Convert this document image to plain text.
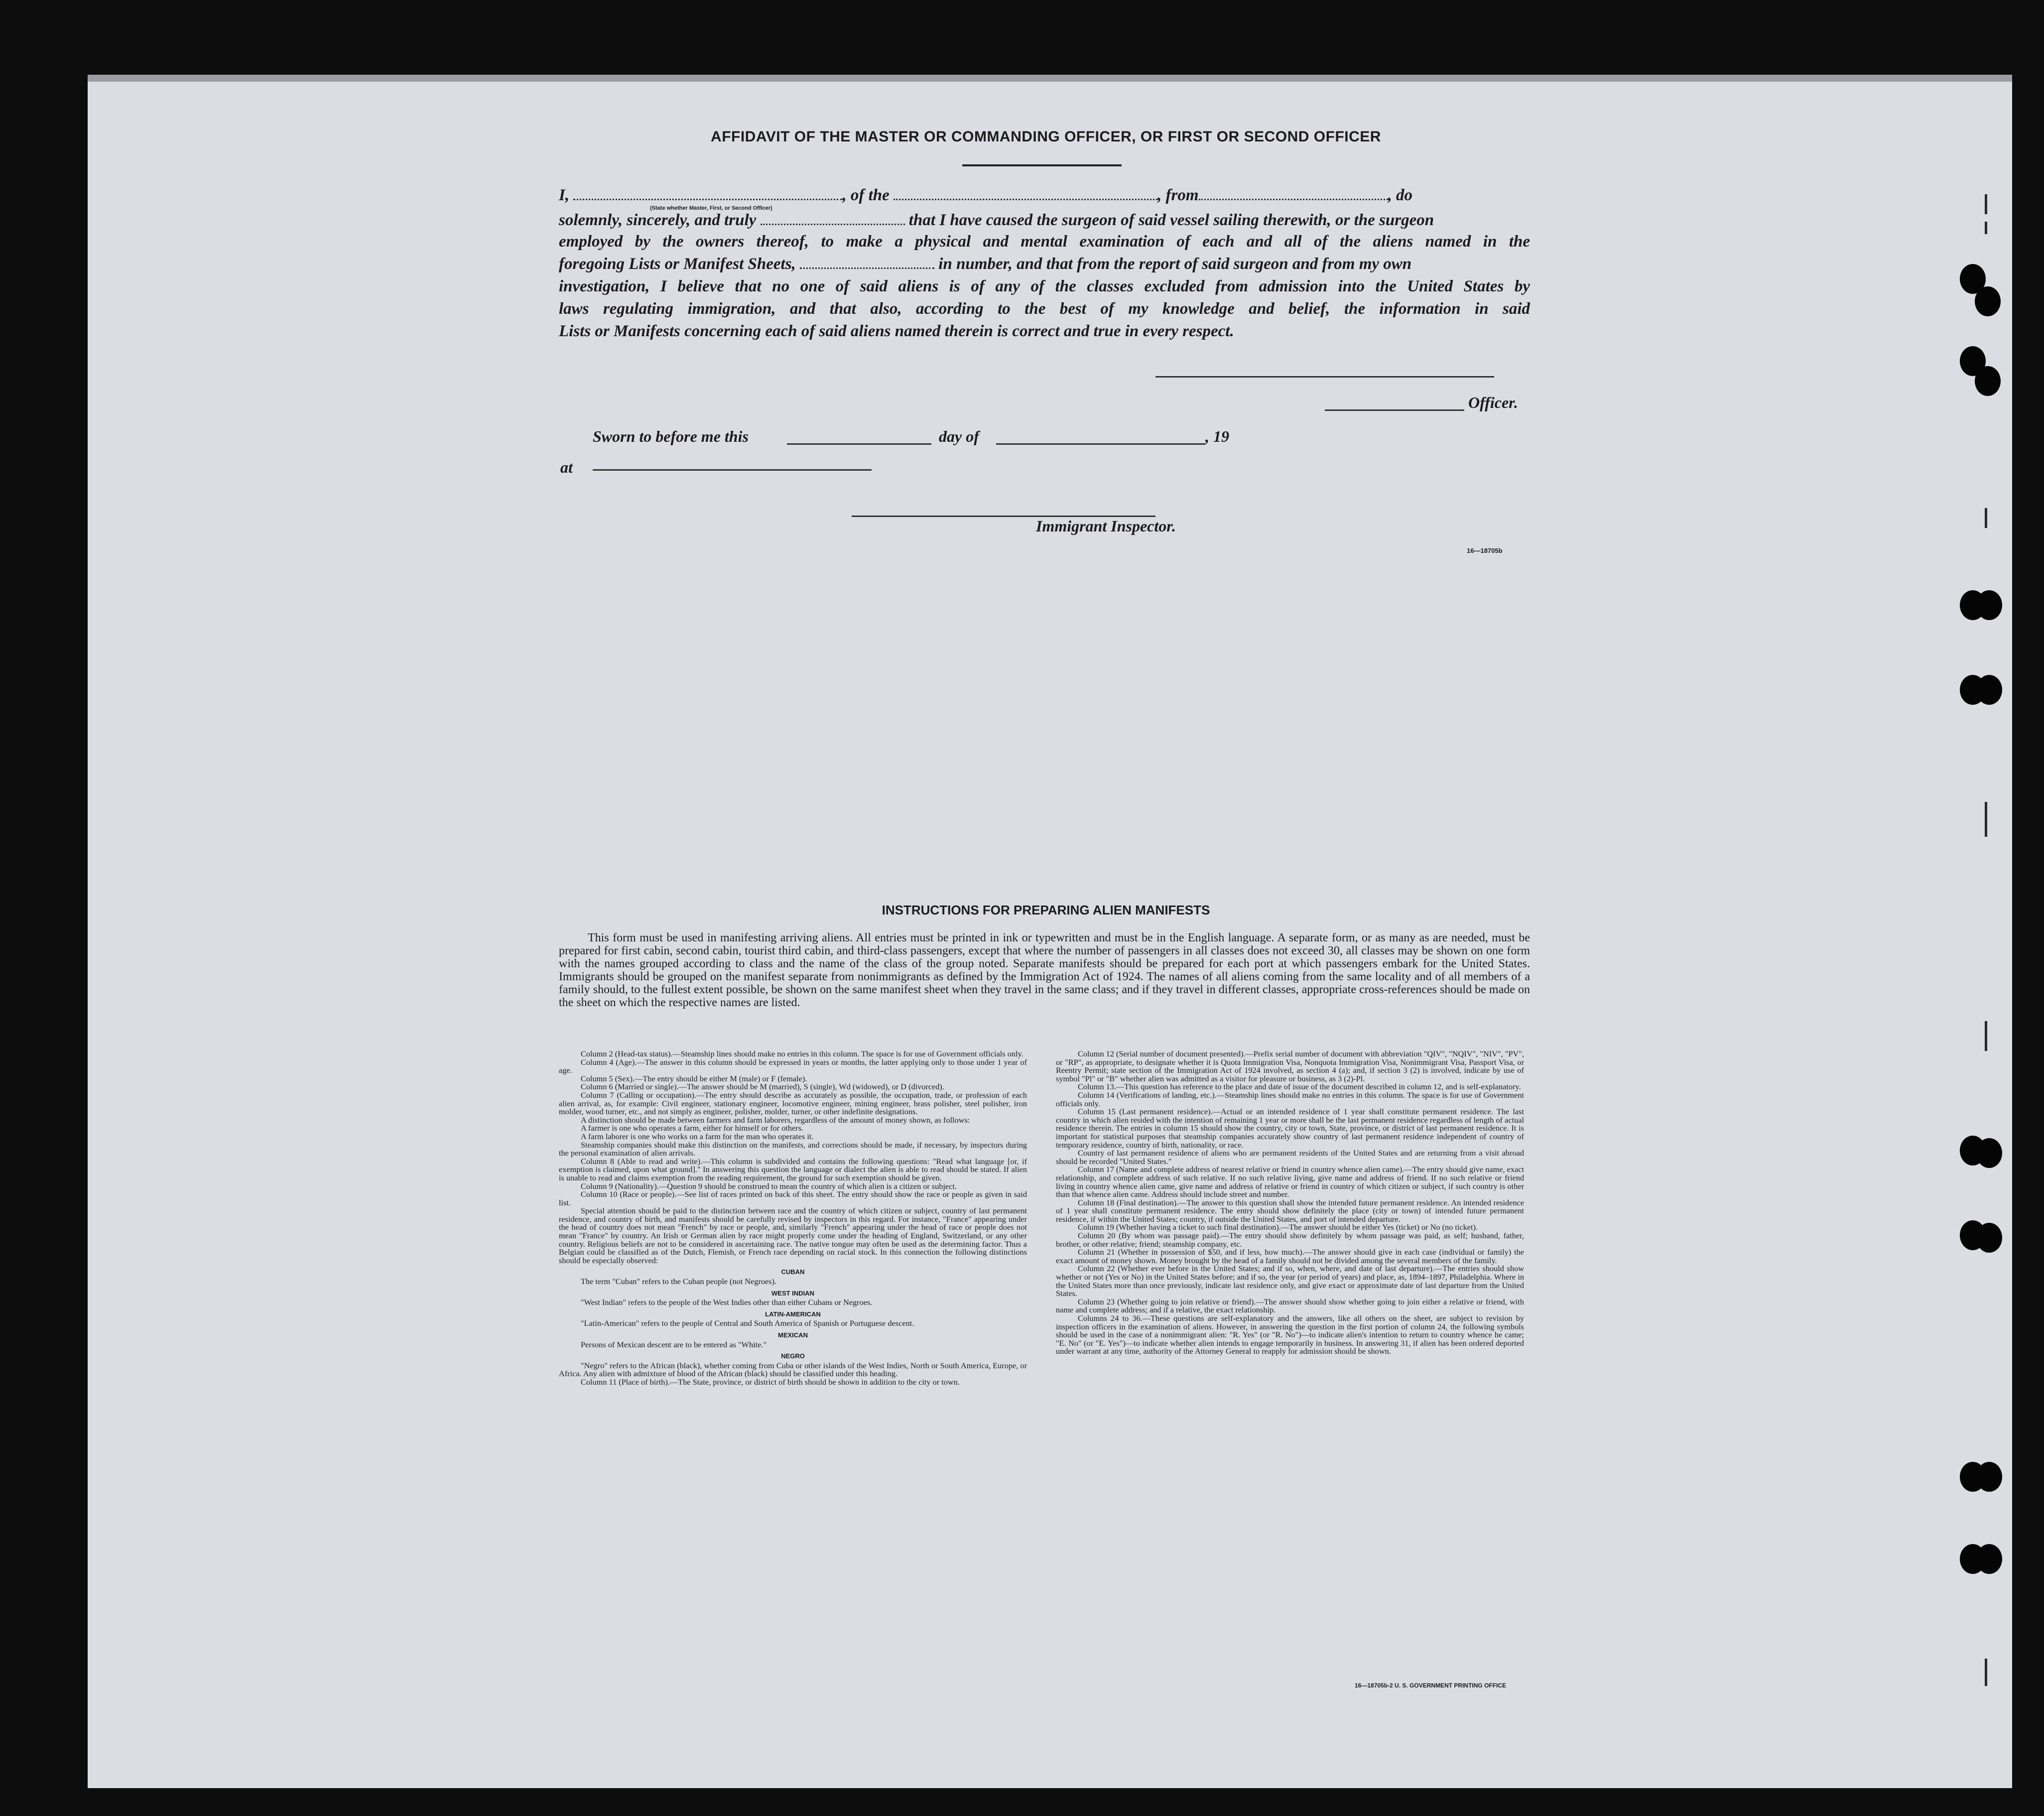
AFFIDAVIT OF THE MASTER OR COMMANDING OFFICER, OR FIRST OR SECOND OFFICER
I,	, of the	, from	, do
(State whether Master, First, or Second Officer)
solemnly, sincerely, and truly	that I have caused the surgeon of said vessel sailing therewith, or the surgeon
employed by the owners thereof, to make a physical and mental examination of each and all of the aliens named in the
foregoing Lists or Manifest Sheets,	in number, and that from the report of said surgeon and from my own
investigation, I believe that no one of said aliens is of any of the classes excluded from admission into the United States by
laws regulating immigration, and that also, according to the best of my knowledge and belief, the information in said
Lists or Manifests concerning each of said aliens named therein is correct and true in every respect.
Officer.
Sworn to before me this	day of	, 19
at
Immigrant Inspector.
16—18705b
INSTRUCTIONS FOR PREPARING ALIEN MANIFESTS

This form must be used in manifesting arriving aliens. All entries must be printed in ink or typewritten and must be in the English language. A separate form, or as many as are needed, must be prepared for first cabin, second cabin, tourist third cabin, and third-class passengers, except that where the number of passengers in all classes does not exceed 30, all classes may be shown on one form with the names grouped according to class and the name of the class of the group noted. Separate manifests should be prepared for each port at which passengers embark for the United States. Immigrants should be grouped on the manifest separate from nonimmigrants as defined by the Immigration Act of 1924. The names of all aliens coming from the same locality and of all members of a family should, to the fullest extent possible, be shown on the same manifest sheet when they travel in the same class; and if they travel in different classes, appropriate cross-references should be made on the sheet on which the respective names are listed.

Column 2 (Head-tax status).—Steamship lines should make no entries in this column. The space is for use of Government officials only.

Column 4 (Age).—The answer in this column should be expressed in years or months, the latter applying only to those under 1 year of age.

Column 5 (Sex).—The entry should be either M (male) or F (female).

Column 6 (Married or single).—The answer should be M (married), S (single), Wd (widowed), or D (divorced).

Column 7 (Calling or occupation).—The entry should describe as accurately as possible, the occupation, trade, or profession of each alien arrival, as, for example: Civil engineer, stationary engineer, locomotive engineer, mining engineer, brass polisher, steel polisher, iron molder, wood turner, etc., and not simply as engineer, polisher, molder, turner, or other indefinite designations.

A distinction should be made between farmers and farm laborers, regardless of the amount of money shown, as follows:

A farmer is one who operates a farm, either for himself or for others.

A farm laborer is one who works on a farm for the man who operates it.

Steamship companies should make this distinction on the manifests, and corrections should be made, if necessary, by inspectors during the personal examination of alien arrivals.

Column 8 (Able to read and write).—This column is subdivided and contains the following questions: "Read what language [or, if exemption is claimed, upon what ground]." In answering this question the language or dialect the alien is able to read should be stated. If alien is unable to read and claims exemption from the reading requirement, the ground for such exemption should be given.

Column 9 (Nationality).—Question 9 should be construed to mean the country of which alien is a citizen or subject.

Column 10 (Race or people).—See list of races printed on back of this sheet. The entry should show the race or people as given in said list.

Special attention should be paid to the distinction between race and the country of which citizen or subject, country of last permanent residence, and country of birth, and manifests should be carefully revised by inspectors in this regard. For instance, "France" appearing under the head of country does not mean "French" by race or people, and, similarly "French" appearing under the head of race or people does not mean "France" by country. An Irish or German alien by race might properly come under the heading of England, Switzerland, or any other country. Religious beliefs are not to be considered in ascertaining race. The native tongue may often be used as the determining factor. Thus a Belgian could be classified as of the Dutch, Flemish, or French race depending on racial stock. In this connection the following distinctions should be especially observed:

CUBAN

The term "Cuban" refers to the Cuban people (not Negroes).

WEST INDIAN

"West Indian" refers to the people of the West Indies other than either Cubans or Negroes.

LATIN-AMERICAN

"Latin-American" refers to the people of Central and South America of Spanish or Portuguese descent.

MEXICAN

Persons of Mexican descent are to be entered as "White."

NEGRO

"Negro" refers to the African (black), whether coming from Cuba or other islands of the West Indies, North or South America, Europe, or Africa. Any alien with admixture of blood of the African (black) should be classified under this heading.

Column 11 (Place of birth).—The State, province, or district of birth should be shown in addition to the city or town.

Column 12 (Serial number of document presented).—Prefix serial number of document with abbreviation "QIV", "NQIV", "NIV", "PV", or "RP", as appropriate, to designate whether it is Quota Immigration Visa, Nonquota Immigration Visa, Nonimmigrant Visa, Passport Visa, or Reentry Permit; state section of the Immigration Act of 1924 involved, as section 4 (a); and, if section 3 (2) is involved, indicate by use of symbol "Pl" or "B" whether alien was admitted as a visitor for pleasure or business, as 3 (2)-Pl.

Column 13.—This question has reference to the place and date of issue of the document described in column 12, and is self-explanatory.

Column 14 (Verifications of landing, etc.).—Steamship lines should make no entries in this column. The space is for use of Government officials only.

Column 15 (Last permanent residence).—Actual or an intended residence of 1 year shall constitute permanent residence. The last country in which alien resided with the intention of remaining 1 year or more shall be the last permanent residence regardless of length of actual residence therein. The entries in column 15 should show the country, city or town, State, province, or district of last permanent residence. It is important for statistical purposes that steamship companies accurately show country of last permanent residence independent of country of temporary residence, country of birth, nationality, or race.

Country of last permanent residence of aliens who are permanent residents of the United States and are returning from a visit abroad should be recorded "United States."

Column 17 (Name and complete address of nearest relative or friend in country whence alien came).—The entry should give name, exact relationship, and complete address of such relative. If no such relative living, give name and address of friend. If no such relative or friend living in country whence alien came, give name and address of relative or friend in country of which citizen or subject, if such country is other than that whence alien came. Address should include street and number.

Column 18 (Final destination).—The answer to this question shall show the intended future permanent residence. An intended residence of 1 year shall constitute permanent residence. The entry should show definitely the place (city or town) of intended future permanent residence, if within the United States; country, if outside the United States, and port of intended departure.

Column 19 (Whether having a ticket to such final destination).—The answer should be either Yes (ticket) or No (no ticket).

Column 20 (By whom was passage paid).—The entry should show definitely by whom passage was paid, as self; husband, father, brother, or other relative; friend; steamship company, etc.

Column 21 (Whether in possession of $50, and if less, how much).—The answer should give in each case (individual or family) the exact amount of money shown. Money brought by the head of a family should not be divided among the several members of the family.

Column 22 (Whether ever before in the United States; and if so, when, where, and date of last departure).—The entries should show whether or not (Yes or No) in the United States before; and if so, the year (or period of years) and place, as, 1894–1897, Philadelphia. Where in the United States more than once previously, indicate last residence only, and give exact or approximate date of last departure from the United States.

Column 23 (Whether going to join relative or friend).—The answer should show whether going to join either a relative or friend, with name and complete address; and if a relative, the exact relationship.

Columns 24 to 36.—These questions are self-explanatory and the answers, like all others on the sheet, are subject to revision by inspection officers in the examination of aliens. However, in answering the question in the first portion of column 24, the following symbols should be used in the case of a nonimmigrant alien: "R. Yes" (or "R. No")—to indicate alien's intention to return to country whence he came; "E. No" (or "E. Yes")—to indicate whether alien intends to engage temporarily in business. In answering 31, if alien has been ordered deported under warrant at any time, authority of the Attorney General to reapply for admission should be shown.

16—18705b-2 U. S. GOVERNMENT PRINTING OFFICE
